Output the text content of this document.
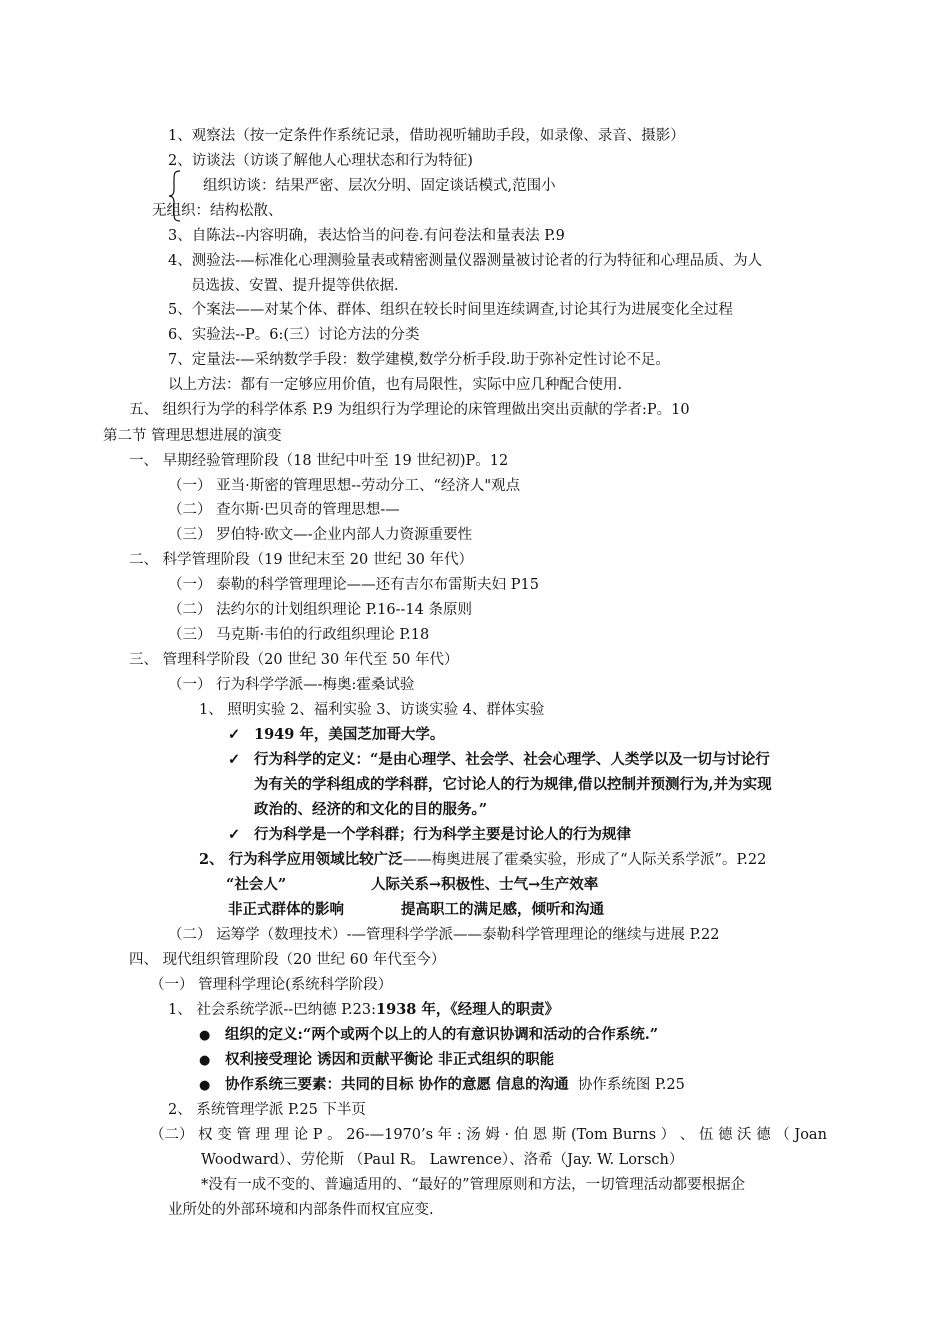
1、观察法（按一定条件作系统记录，借助视听辅助手段，如录像、录音、摄影）
2、访谈法（访谈了解他人心理状态和行为特征)
组织访谈：结果严密、层次分明、固定谈话模式,范围小
无组织：结构松散、
3、自陈法--内容明确，表达恰当的问卷.有问卷法和量表法 P.9
4、测验法-—标准化心理测验量表或精密测量仪器测量被讨论者的行为特征和心理品质、为人
员选拔、安置、提升提等供依据.
5、个案法——对某个体、群体、组织在较长时间里连续调查,讨论其行为进展变化全过程
6、实验法--P。6:(三）讨论方法的分类
7、定量法-—采纳数学手段：数学建模,数学分析手段.助于弥补定性讨论不足。
以上方法：都有一定够应用价值，也有局限性，实际中应几种配合使用.
五、 组织行为学的科学体系 P.9 为组织行为学理论的床管理做出突出贡献的学者:P。10
第二节 管理思想进展的演变
一、 早期经验管理阶段（18 世纪中叶至 19 世纪初)P。12
（一） 亚当·斯密的管理思想--劳动分工、“经济人"观点
（二） 查尔斯·巴贝奇的管理思想-—
（三） 罗伯特·欧文—-企业内部人力资源重要性
二、 科学管理阶段（19 世纪末至 20 世纪 30 年代）
（一） 泰勒的科学管理理论——还有吉尔布雷斯夫妇 P15
（二） 法约尔的计划组织理论 P.16--14 条原则
（三） 马克斯·韦伯的行政组织理论 P.18
三、 管理科学阶段（20 世纪 30 年代至 50 年代）
（一） 行为科学学派—-梅奥:霍桑试验
1、 照明实验 2、福利实验 3、访谈实验 4、群体实验
✓ 1949 年，美国芝加哥大学。
✓ 行为科学的定义：“是由心理学、社会学、社会心理学、人类学以及一切与讨论行
为有关的学科组成的学科群，它讨论人的行为规律,借以控制并预测行为,并为实现
政治的、经济的和文化的目的服务。”
✓ 行为科学是一个学科群；行为科学主要是讨论人的行为规律
2、 行为科学应用领域比较广泛——梅奥进展了霍桑实验，形成了“人际关系学派”。P.22
“社会人”	人际关系→积极性、士气→生产效率
非正式群体的影响	提高职工的满足感，倾听和沟通
（二） 运筹学（数理技术）-—管理科学学派——泰勒科学管理理论的继续与进展 P.22
四、 现代组织管理阶段（20 世纪 60 年代至今）
（一） 管理科学理论(系统科学阶段）
1、 社会系统学派--巴纳德 P.23:1938 年，《经理人的职责》
● 组织的定义:“两个或两个以上的人的有意识协调和活动的合作系统.”
● 权利接受理论 诱因和贡献平衡论 非正式组织的职能
● 协作系统三要素：共同的目标 协作的意愿 信息的沟通 协作系统图 P.25
2、 系统管理学派 P.25 下半页
（二） 权 变 管 理 理 论 P 。 26-—1970’s 年 : 汤 姆 · 伯 恩 斯 (Tom Burns ） 、 伍 德 沃 德 （ Joan
Woodward）、劳伦斯 （Paul R。 Lawrence）、洛希（Jay. W. Lorsch）
*没有一成不变的、普遍适用的、“最好的”管理原则和方法，一切管理活动都要根据企
业所处的外部环境和内部条件而权宜应变.
